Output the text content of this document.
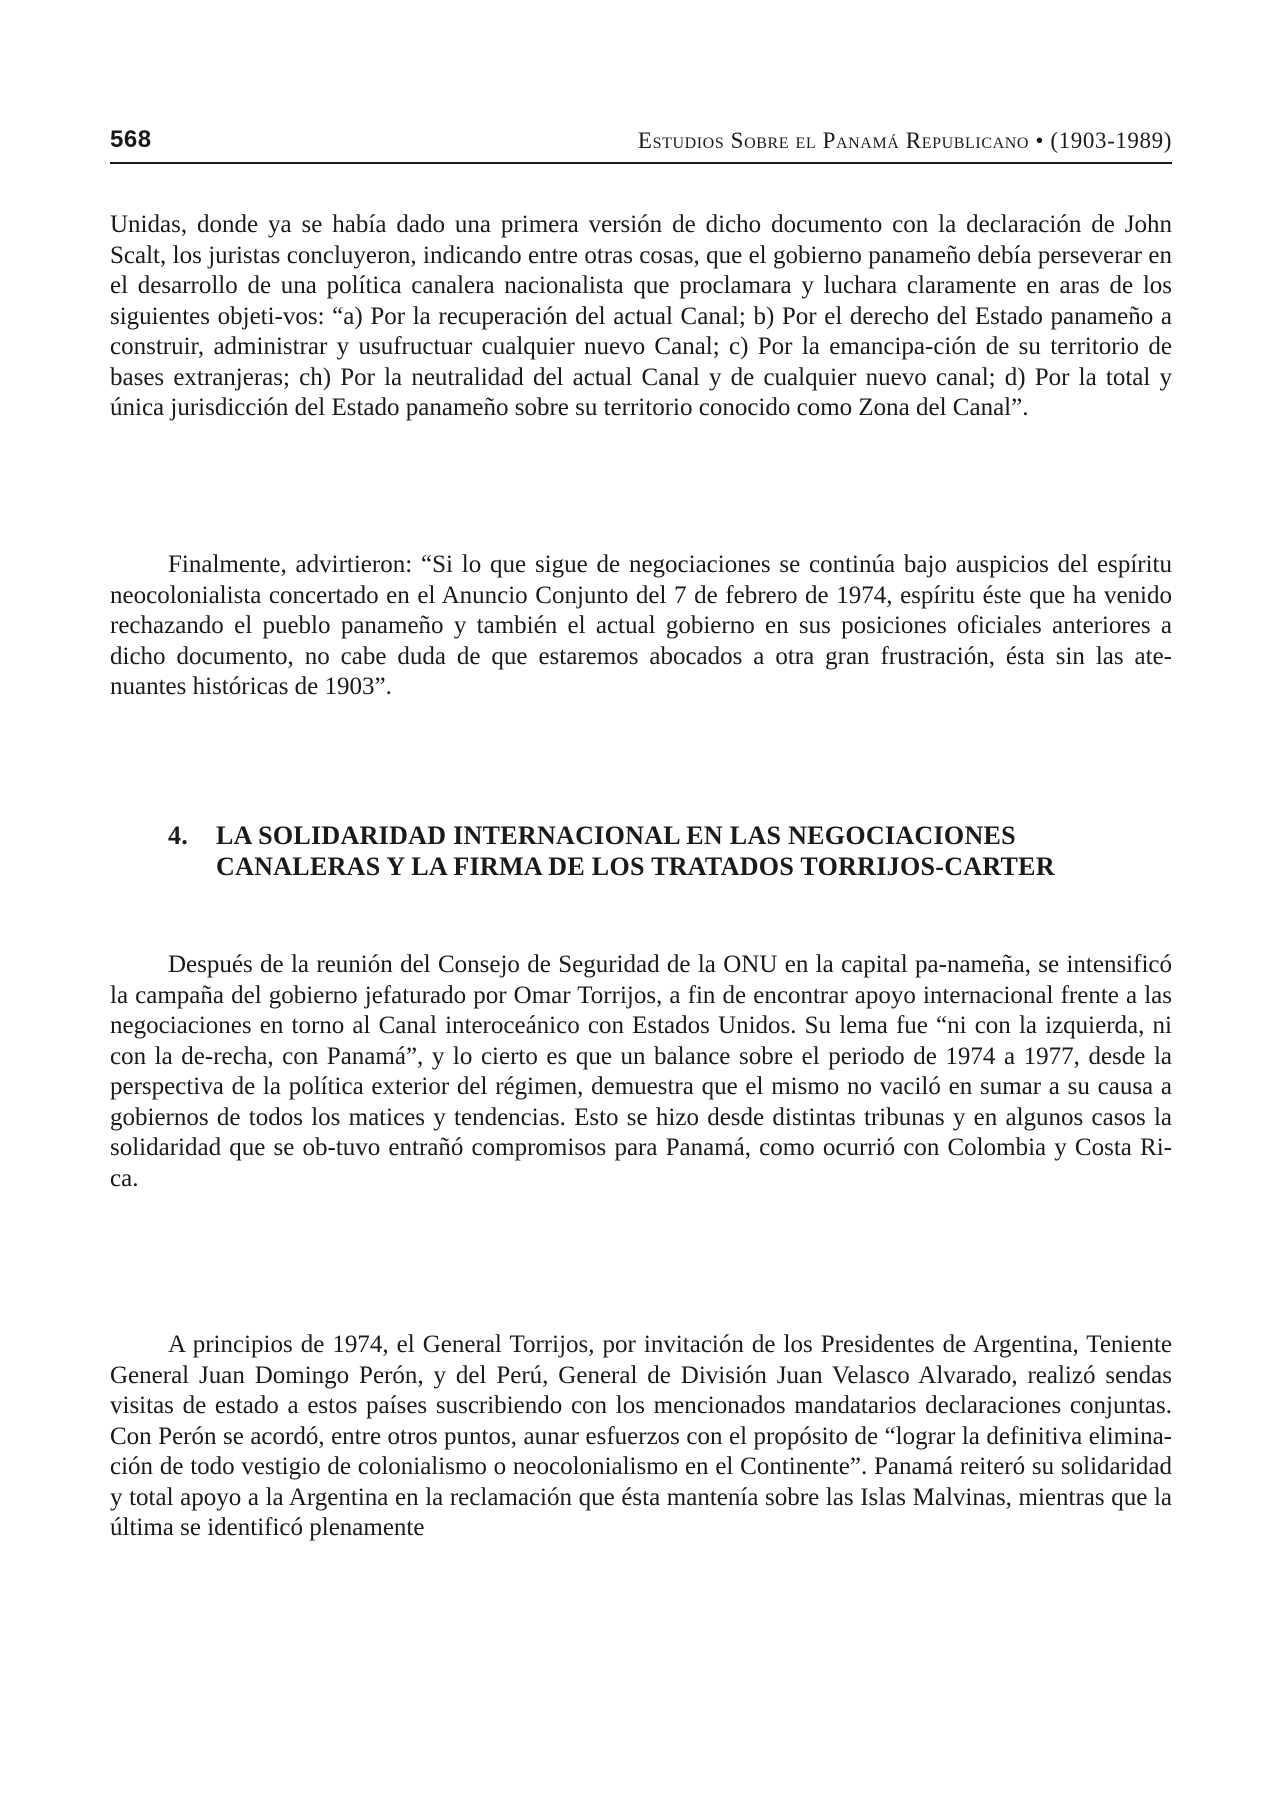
568	Estudios Sobre el Panamá Republicano • (1903-1989)

Unidas, donde ya se había dado una primera versión de dicho documento con la declaración de John Scalt, los juristas concluyeron, indicando entre otras cosas, que el gobierno panameño debía perseverar en el desarrollo de una política canalera nacionalista que proclamara y luchara claramente en aras de los siguientes objeti-vos: “a) Por la recuperación del actual Canal; b) Por el derecho del Estado panameño a construir, administrar y usufructuar cualquier nuevo Canal; c) Por la emancipa-ción de su territorio de bases extranjeras; ch) Por la neutralidad del actual Canal y de cualquier nuevo canal; d) Por la total y única jurisdicción del Estado panameño sobre su territorio conocido como Zona del Canal”.

Finalmente, advirtieron: “Si lo que sigue de negociaciones se continúa bajo auspicios del espíritu neocolonialista concertado en el Anuncio Conjunto del 7 de febrero de 1974, espíritu éste que ha venido rechazando el pueblo panameño y también el actual gobierno en sus posiciones oficiales anteriores a dicho documento, no cabe duda de que estaremos abocados a otra gran frustración, ésta sin las ate-nuantes históricas de 1903”.

4. LA SOLIDARIDAD INTERNACIONAL EN LAS NEGOCIACIONES CANALERAS Y LA FIRMA DE LOS TRATADOS TORRIJOS-CARTER

Después de la reunión del Consejo de Seguridad de la ONU en la capital pa-nameña, se intensificó la campaña del gobierno jefaturado por Omar Torrijos, a fin de encontrar apoyo internacional frente a las negociaciones en torno al Canal interoceánico con Estados Unidos. Su lema fue “ni con la izquierda, ni con la de-recha, con Panamá”, y lo cierto es que un balance sobre el periodo de 1974 a 1977, desde la perspectiva de la política exterior del régimen, demuestra que el mismo no vaciló en sumar a su causa a gobiernos de todos los matices y tendencias. Esto se hizo desde distintas tribunas y en algunos casos la solidaridad que se ob-tuvo entrañó compromisos para Panamá, como ocurrió con Colombia y Costa Ri-ca.

A principios de 1974, el General Torrijos, por invitación de los Presidentes de Argentina, Teniente General Juan Domingo Perón, y del Perú, General de División Juan Velasco Alvarado, realizó sendas visitas de estado a estos países suscribiendo con los mencionados mandatarios declaraciones conjuntas. Con Perón se acordó, entre otros puntos, aunar esfuerzos con el propósito de “lograr la definitiva elimina-ción de todo vestigio de colonialismo o neocolonialismo en el Continente”. Panamá reiteró su solidaridad y total apoyo a la Argentina en la reclamación que ésta mantenía sobre las Islas Malvinas, mientras que la última se identificó plenamente
